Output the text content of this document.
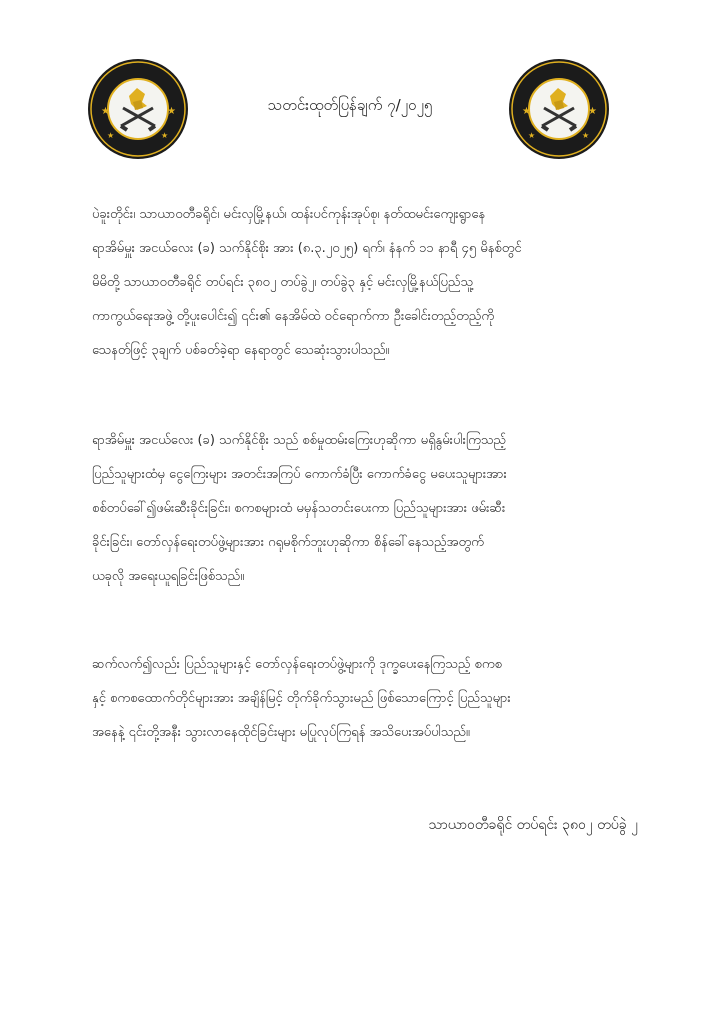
★	★
★	★
★	★
★	★
သတင်းထုတ်ပြန်ချက် ၇/၂၀၂၅
ပဲခူးတိုင်း၊ သာယာဝတီခရိုင်၊ မင်းလှမြို့နယ်၊ ထန်းပင်ကုန်းအုပ်စု၊ နတ်ထမင်းကျေးရွာနေ
ရာအိမ်မှူး အငယ်လေး (ခ) သက်နိုင်စိုး အား (၈.၃.၂၀၂၅) ရက်၊ နံနက် ၁၁ နာရီ ၄၅ မိနစ်တွင်
မိမိတို့ သာယာဝတီခရိုင် တပ်ရင်း ၃၈၀၂ တပ်ခွဲ၂၊ တပ်ခွဲ၃ နှင့် မင်းလှမြို့နယ်ပြည်သူ့
ကာကွယ်ရေးအဖွဲ့ တို့ပူးပေါင်း၍ ၎င်း၏ နေအိမ်ထဲ ဝင်ရောက်ကာ ဦးခေါင်းတည့်တည့်ကို
သေနတ်ဖြင့် ၃ချက် ပစ်ခတ်ခဲ့ရာ နေရာတွင် သေဆုံးသွားပါသည်။
ရာအိမ်မှူး အငယ်လေး (ခ) သက်နိုင်စိုး သည် စစ်မှုထမ်းကြေးဟုဆိုကာ မရှိနွမ်းပါးကြသည့်
ပြည်သူများထံမှ ငွေကြေးများ အတင်းအကြပ် ကောက်ခံပြီး ကောက်ခံငွေ မပေးသူများအား
စစ်တပ်ခေါ်၍ဖမ်းဆီးခိုင်းခြင်း၊ စကစများထံ မမှန်သတင်းပေးကာ ပြည်သူများအား ဖမ်းဆီး
ခိုင်းခြင်း၊ တော်လှန်ရေးတပ်ဖွဲ့များအား ဂရုမစိုက်ဘူးဟုဆိုကာ စိန်ခေါ်နေသည့်အတွက်
ယခုလို အရေးယူရခြင်းဖြစ်သည်။
ဆက်လက်၍လည်း ပြည်သူများနှင့် တော်လှန်ရေးတပ်ဖွဲ့များကို ဒုက္ခပေးနေကြသည့် စကစ
နှင့် စကစထောက်တိုင်များအား အချိန်မြင့် တိုက်ခိုက်သွားမည် ဖြစ်သောကြောင့် ပြည်သူများ
အနေနဲ့ ၎င်းတို့အနီး သွားလာနေထိုင်ခြင်းများ မပြုလုပ်ကြရန် အသိပေးအပ်ပါသည်။
သာယာဝတီခရိုင် တပ်ရင်း ၃၈၀၂ တပ်ခွဲ ၂
